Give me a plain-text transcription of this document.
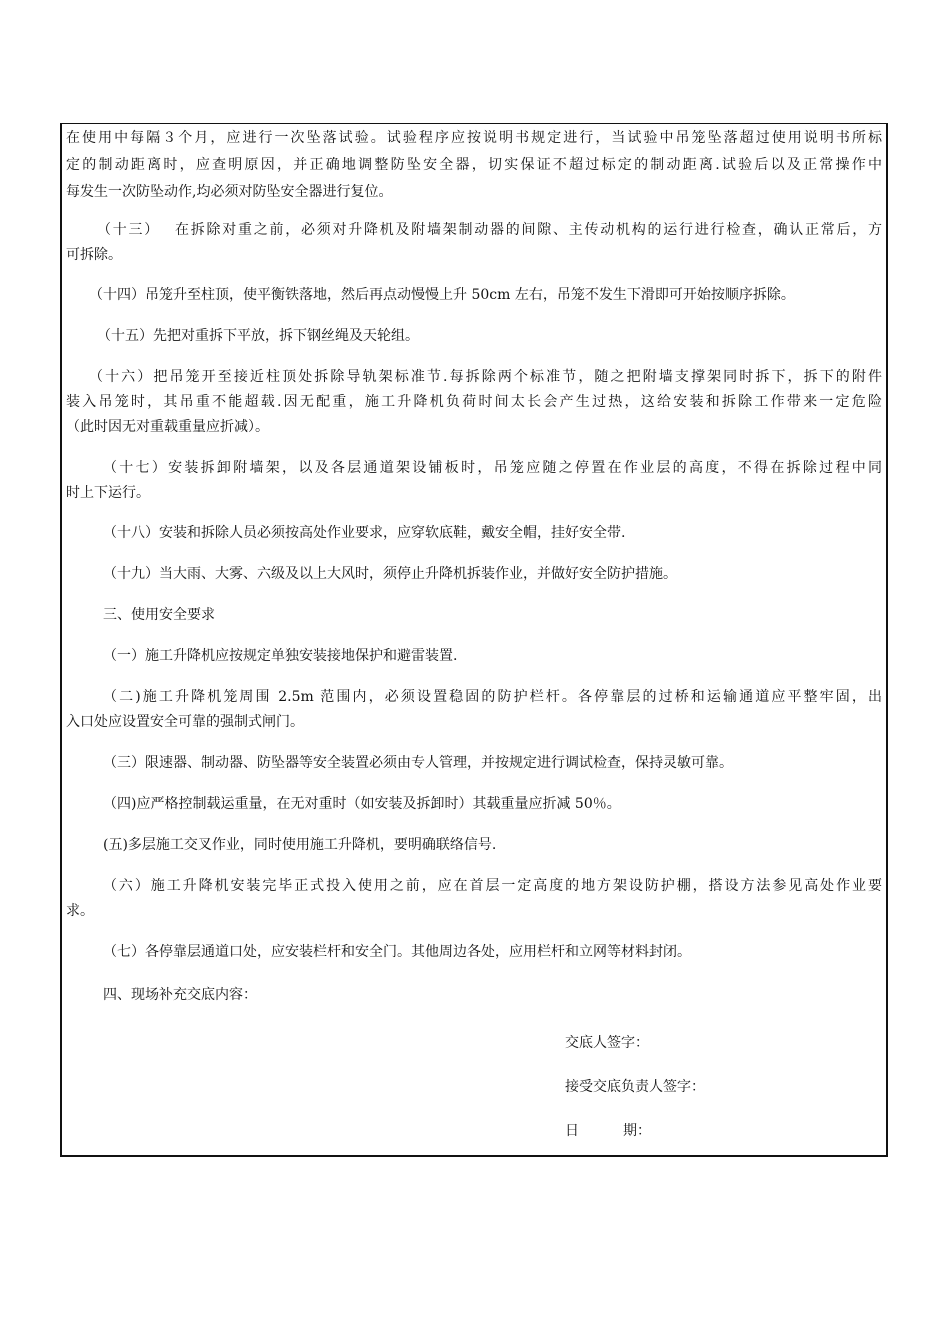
在使用中每隔３个月，应进行一次坠落试验。试验程序应按说明书规定进行，当试验中吊笼坠落超过使用说明书所标

定的制动距离时，应查明原因，并正确地调整防坠安全器，切实保证不超过标定的制动距离.试验后以及正常操作中

每发生一次防坠动作,均必须对防坠安全器进行复位。

（十三）　 在拆除对重之前，必须对升降机及附墙架制动器的间隙、主传动机构的运行进行检查，确认正常后，方

可拆除。

（十四）吊笼升至柱顶，使平衡铁落地，然后再点动慢慢上升 50cm 左右，吊笼不发生下滑即可开始按顺序拆除。

（十五）先把对重拆下平放，拆下钢丝绳及天轮组。

（十六）把吊笼开至接近柱顶处拆除导轨架标准节.每拆除两个标准节，随之把附墙支撑架同时拆下，拆下的附件

装入吊笼时，其吊重不能超载.因无配重，施工升降机负荷时间太长会产生过热，这给安装和拆除工作带来一定危险

（此时因无对重载重量应折减）。

（十七）安装拆卸附墙架，以及各层通道架设铺板时，吊笼应随之停置在作业层的高度，不得在拆除过程中同

时上下运行。

（十八）安装和拆除人员必须按高处作业要求，应穿软底鞋，戴安全帽，挂好安全带.

（十九）当大雨、大雾、六级及以上大风时，须停止升降机拆装作业，并做好安全防护措施。

三、使用安全要求

（一）施工升降机应按规定单独安装接地保护和避雷装置.

（二)施工升降机笼周围 2.5m 范围内，必须设置稳固的防护栏杆。各停靠层的过桥和运输通道应平整牢固，出

入口处应设置安全可靠的强制式闸门。

（三）限速器、制动器、防坠器等安全装置必须由专人管理，并按规定进行调试检查，保持灵敏可靠。

（四)应严格控制载运重量，在无对重时（如安装及拆卸时）其载重量应折减 50％。

(五)多层施工交叉作业，同时使用施工升降机，要明确联络信号.

（六）施工升降机安装完毕正式投入使用之前，应在首层一定高度的地方架设防护棚，搭设方法参见高处作业要

求。

（七）各停靠层通道口处，应安装栏杆和安全门。其他周边各处，应用栏杆和立网等材料封闭。

四、现场补充交底内容：

交底人签字：

接受交底负责人签字：

日	期：
